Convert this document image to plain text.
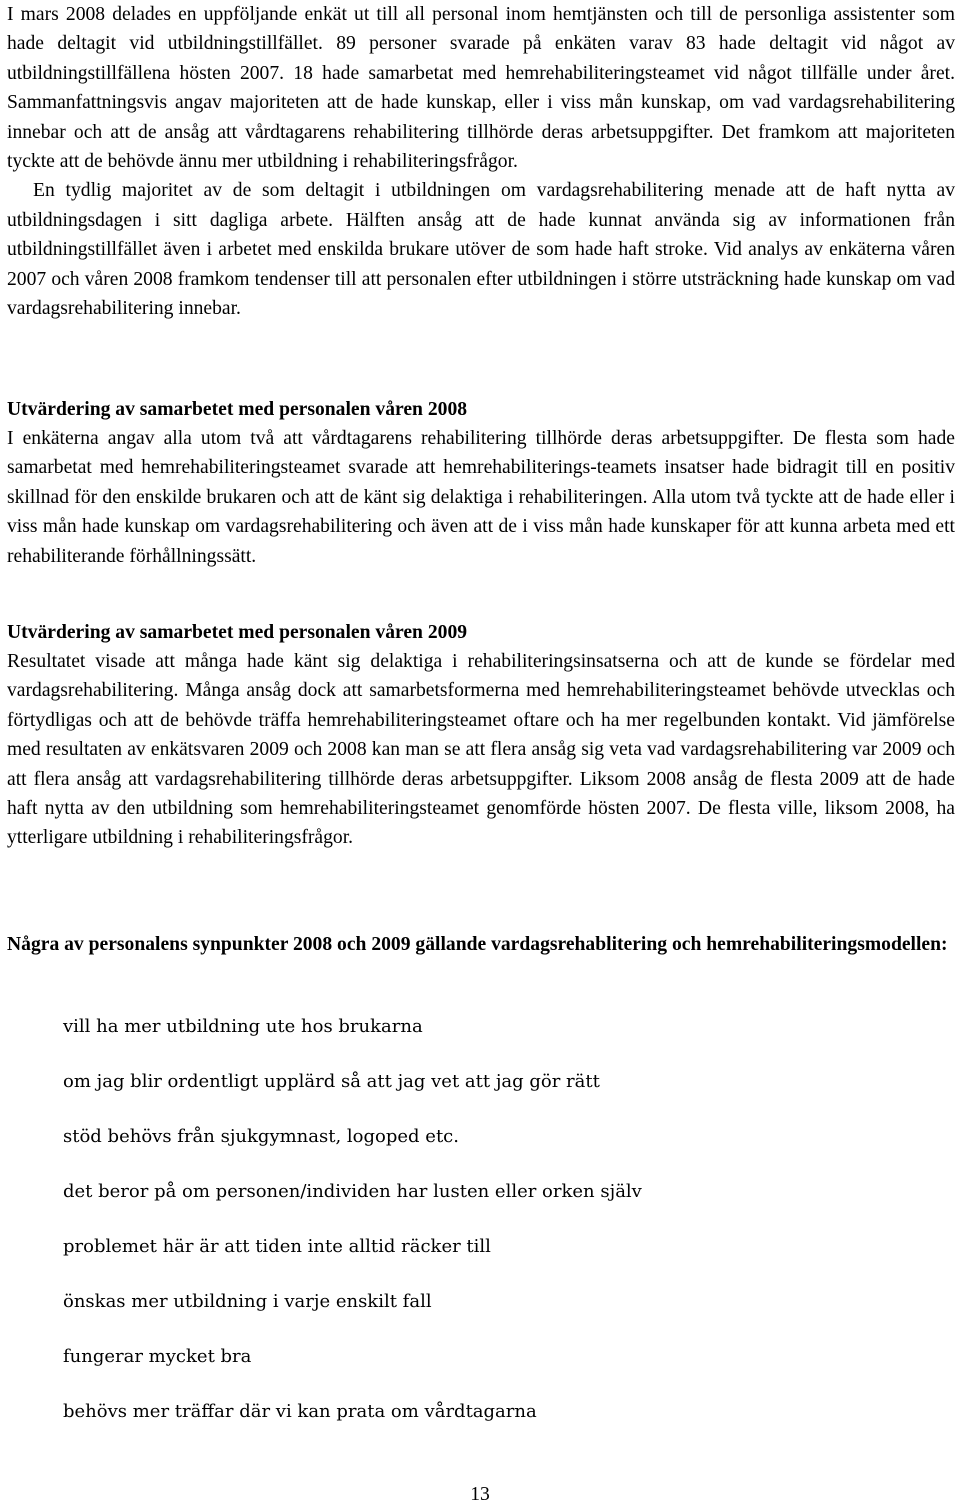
I mars 2008 delades en uppföljande enkät ut till all personal inom hemtjänsten och till de personliga assistenter som hade deltagit vid utbildningstillfället. 89 personer svarade på enkäten varav 83 hade deltagit vid något av utbildningstillfällena hösten 2007. 18 hade samarbetat med hemrehabiliteringsteamet vid något tillfälle under året. Sammanfattningsvis angav majoriteten att de hade kunskap, eller i viss mån kunskap, om vad vardagsrehabilitering innebar och att de ansåg att vårdtagarens rehabilitering tillhörde deras arbetsuppgifter. Det framkom att majoriteten tyckte att de behövde ännu mer utbildning i rehabiliteringsfrågor.

En tydlig majoritet av de som deltagit i utbildningen om vardagsrehabilitering menade att de haft nytta av utbildningsdagen i sitt dagliga arbete. Hälften ansåg att de hade kunnat använda sig av informationen från utbildningstillfället även i arbetet med enskilda brukare utöver de som hade haft stroke. Vid analys av enkäterna våren 2007 och våren 2008 framkom tendenser till att personalen efter utbildningen i större utsträckning hade kunskap om vad vardagsrehabilitering innebar.

Utvärdering av samarbetet med personalen våren 2008

I enkäterna angav alla utom två att vårdtagarens rehabilitering tillhörde deras arbetsuppgifter. De flesta som hade samarbetat med hemrehabiliteringsteamet svarade att hemrehabiliterings-teamets insatser hade bidragit till en positiv skillnad för den enskilde brukaren och att de känt sig delaktiga i rehabiliteringen. Alla utom två tyckte att de hade eller i viss mån hade kunskap om vardagsrehabilitering och även att de i viss mån hade kunskaper för att kunna arbeta med ett rehabiliterande förhållningssätt.

Utvärdering av samarbetet med personalen våren 2009

Resultatet visade att många hade känt sig delaktiga i rehabiliteringsinsatserna och att de kunde se fördelar med vardagsrehabilitering. Många ansåg dock att samarbetsformerna med hemrehabiliteringsteamet behövde utvecklas och förtydligas och att de behövde träffa hemrehabiliteringsteamet oftare och ha mer regelbunden kontakt. Vid jämförelse med resultaten av enkätsvaren 2009 och 2008 kan man se att flera ansåg sig veta vad vardagsrehabilitering var 2009 och att flera ansåg att vardagsrehabilitering tillhörde deras arbetsuppgifter. Liksom 2008 ansåg de flesta 2009 att de hade haft nytta av den utbildning som hemrehabiliteringsteamet genomförde hösten 2007. De flesta ville, liksom 2008, ha ytterligare utbildning i rehabiliteringsfrågor.

Några av personalens synpunkter 2008 och 2009 gällande vardagsrehablitering och hemrehabiliteringsmodellen:

vill ha mer utbildning ute hos brukarna
om jag blir ordentligt upplärd så att jag vet att jag gör rätt
stöd behövs från sjukgymnast, logoped etc.
det beror på om personen/individen har lusten eller orken själv
problemet här är att tiden inte alltid räcker till
önskas mer utbildning i varje enskilt fall
fungerar mycket bra
behövs mer träffar där vi kan prata om vårdtagarna
13
